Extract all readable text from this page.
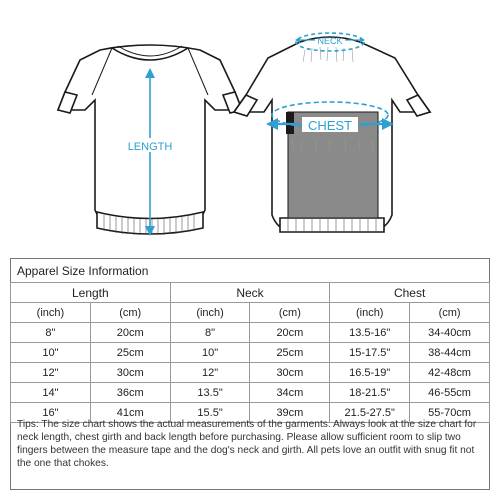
LENGTH
NECK
CHEST
Apparel Size Information
Length		Neck		Chest	
(inch)	(cm)	(inch)	(cm)	(inch)	(cm)
8"	20cm	8"	20cm	13.5-16"	34-40cm
10"	25cm	10"	25cm	15-17.5"	38-44cm
12"	30cm	12"	30cm	16.5-19"	42-48cm
14"	36cm	13.5"	34cm	18-21.5"	46-55cm
16"	41cm	15.5"	39cm	21.5-27.5"	55-70cm
Tips: The size chart shows the actual measurements of the garments. Always look at the size chart for neck length, chest girth and back length before purchasing. Please allow sufficient room to slip two fingers between the measure tape and the dog's neck and girth. All pets love an outfit with snug fit not the one that chokes.
